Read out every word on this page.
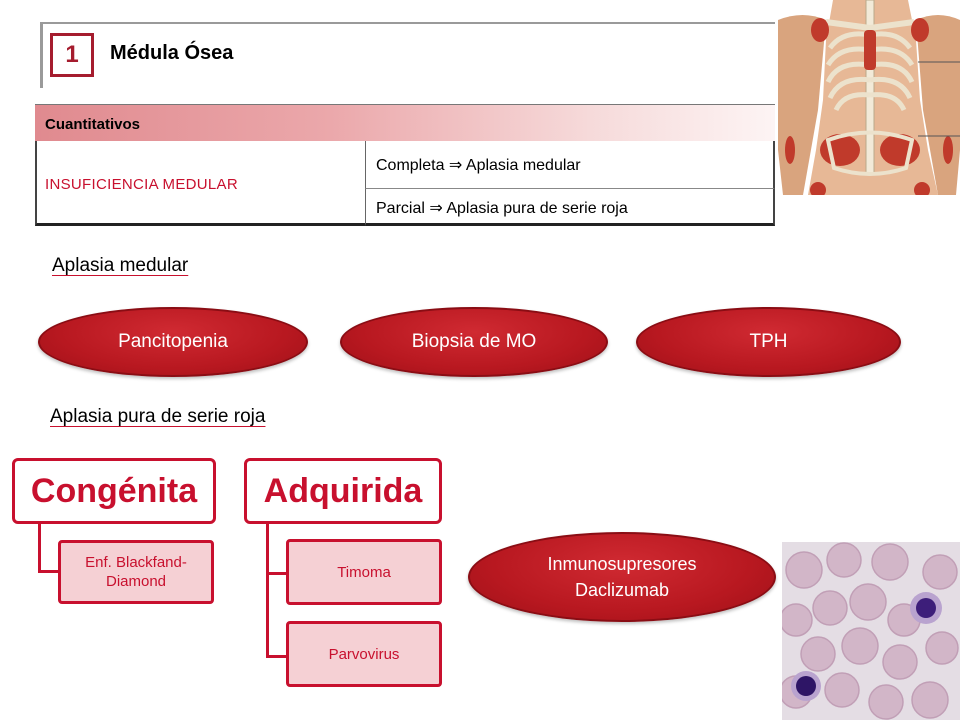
1	Médula Ósea
Cuantitativos
INSUFICIENCIA MEDULAR
Completa ⇒ Aplasia medular
Parcial ⇒ Aplasia pura de serie roja
Aplasia medular
Pancitopenia	Biopsia de MO	TPH
Aplasia pura de serie roja
Congénita
Enf. Blackfand-Diamond
Adquirida
Timoma
Parvovirus
Inmunosupresores
Daclizumab
